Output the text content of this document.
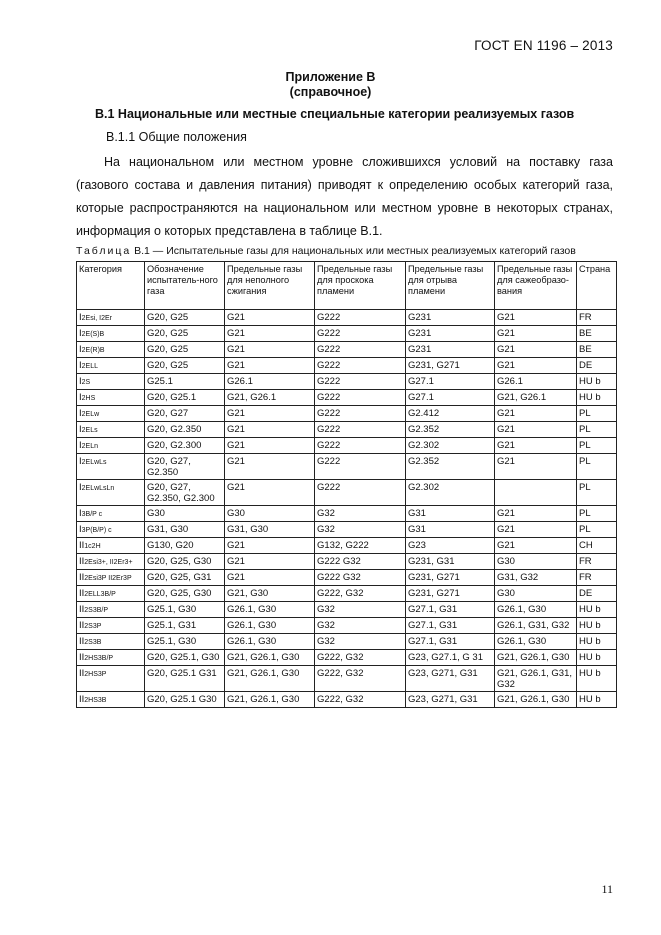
ГОСТ EN 1196 – 2013
Приложение В
(справочное)
В.1 Национальные или местные специальные категории реализуемых газов
В.1.1 Общие положения
На национальном или местном уровне сложившихся условий на поставку газа (газового состава и давления питания) приводят к определению особых категорий газа, которые распространяются на национальном или местном уровне в некоторых странах, информация о которых представлена в таблице В.1.
Таблица В.1 — Испытательные газы для национальных или местных реализуемых категорий газов
Категория	Обозначение испытатель-ного газа	Предельные газы для неполного сжигания	Предельные газы для проскока пламени	Предельные газы для отрыва пламени	Предельные газы для сажеобразо-вания	Страна
I2Esi, I2Er	G20, G25	G21	G222	G231	G21	FR
I2E(S)B	G20, G25	G21	G222	G231	G21	BE
I2E(R)B	G20, G25	G21	G222	G231	G21	BE
I2ELL	G20, G25	G21	G222	G231, G271	G21	DE
I2S	G25.1	G26.1	G222	G27.1	G26.1	HU b
I2HS	G20, G25.1	G21, G26.1	G222	G27.1	G21, G26.1	HU b
I2ELw	G20, G27	G21	G222	G2.412	G21	PL
I2ELs	G20, G2.350	G21	G222	G2.352	G21	PL
I2ELn	G20, G2.300	G21	G222	G2.302	G21	PL
I2ELwLs	G20, G27, G2.350	G21	G222	G2.352	G21	PL
I2ELwLsLn	G20, G27, G2.350, G2.300	G21	G222	G2.302		PL
I3B/P c	G30	G30	G32	G31	G21	PL
I3P(B/P) c	G31, G30	G31, G30	G32	G31	G21	PL
II1c2H	G130, G20	G21	G132, G222	G23	G21	CH
II2Esi3+, II2Er3+	G20, G25, G30	G21	G222 G32	G231, G31	G30	FR
II2Esi3P II2Er3P	G20, G25, G31	G21	G222 G32	G231, G271	G31, G32	FR
II2ELL3B/P	G20, G25, G30	G21, G30	G222, G32	G231, G271	G30	DE
II2S3B/P	G25.1, G30	G26.1, G30	G32	G27.1, G31	G26.1, G30	HU b
II2S3P	G25.1, G31	G26.1, G30	G32	G27.1, G31	G26.1, G31, G32	HU b
II2S3B	G25.1, G30	G26.1, G30	G32	G27.1, G31	G26.1, G30	HU b
II2HS3B/P	G20, G25.1, G30	G21, G26.1, G30	G222, G32	G23, G27.1, G 31	G21, G26.1, G30	HU b
II2HS3P	G20, G25.1 G31	G21, G26.1, G30	G222, G32	G23, G271, G31	G21, G26.1, G31, G32	HU b
II2HS3B	G20, G25.1 G30	G21, G26.1, G30	G222, G32	G23, G271, G31	G21, G26.1, G30	HU b
11
